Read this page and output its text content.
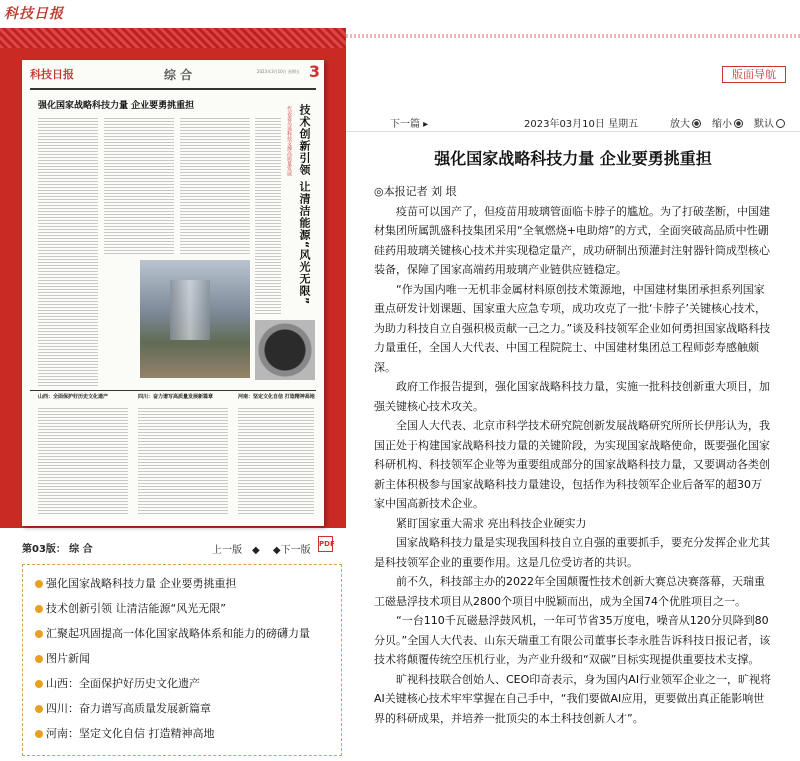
科技日报
版面导航
科技日报	综 合	2023年3月10日 星期五 3
强化国家战略科技力量 企业要勇挑重担	代表委员谈科技支撑高质量发展 技术创新引领 让清洁能源“风光无限”
山西：全面保护好历史文化遗产	四川：奋力谱写高质量发展新篇章	河南：坚定文化自信 打造精神高地
第03版： 综 合	上一版 ◆ ◆下一版
PDF
强化国家战略科技力量 企业要勇挑重担
技术创新引领 让清洁能源“风光无限”
汇聚起巩固提高一体化国家战略体系和能力的磅礴力量
图片新闻
山西：全面保护好历史文化遗产
四川：奋力谱写高质量发展新篇章
河南：坚定文化自信 打造精神高地
下一篇 ▸	2023年03月10日 星期五	放大	缩小	默认
强化国家战略科技力量 企业要勇挑重担

◎本报记者 刘 垠

疫苗可以国产了，但疫苗用玻璃管面临卡脖子的尴尬。为了打破垄断，中国建材集团所属凯盛科技集团采用“全氧燃烧+电助熔”的方式，全面突破高品质中性硼硅药用玻璃关键核心技术并实现稳定量产，成功研制出预灌封注射器针筒成型核心装备，保障了国家高端药用玻璃产业链供应链稳定。

“作为国内唯一无机非金属材料原创技术策源地，中国建材集团承担系列国家重点研发计划课题、国家重大应急专项，成功攻克了一批‘卡脖子’关键核心技术，为助力科技自立自强积极贡献一己之力。”谈及科技领军企业如何勇担国家战略科技力量重任，全国人大代表、中国工程院院士、中国建材集团总工程师彭寿感触颇深。

政府工作报告提到，强化国家战略科技力量，实施一批科技创新重大项目，加强关键核心技术攻关。

全国人大代表、北京市科学技术研究院创新发展战略研究所所长伊彤认为，我国正处于构建国家战略科技力量的关键阶段，为实现国家战略使命，既要强化国家科研机构、科技领军企业等为重要组成部分的国家战略科技力量，又要调动各类创新主体积极参与国家战略科技力量建设，包括作为科技领军企业后备军的超30万家中国高新技术企业。

紧盯国家重大需求 亮出科技企业硬实力

国家战略科技力量是实现我国科技自立自强的重要抓手，要充分发挥企业尤其是科技领军企业的重要作用。这是几位受访者的共识。

前不久，科技部主办的2022年全国颠覆性技术创新大赛总决赛落幕，天瑞重工磁悬浮技术项目从2800个项目中脱颖而出，成为全国74个优胜项目之一。

“一台110千瓦磁悬浮鼓风机，一年可节省35万度电，噪音从120分贝降到80分贝。”全国人大代表、山东天瑞重工有限公司董事长李永胜告诉科技日报记者，该技术将颠覆传统空压机行业，为产业升级和“双碳”目标实现提供重要技术支撑。

旷视科技联合创始人、CEO印奇表示，身为国内AI行业领军企业之一，旷视将AI关键核心技术牢牢掌握在自己手中，“我们要做AI应用，更要做出真正能影响世界的科研成果，并培养一批顶尖的本土科技创新人才”。
